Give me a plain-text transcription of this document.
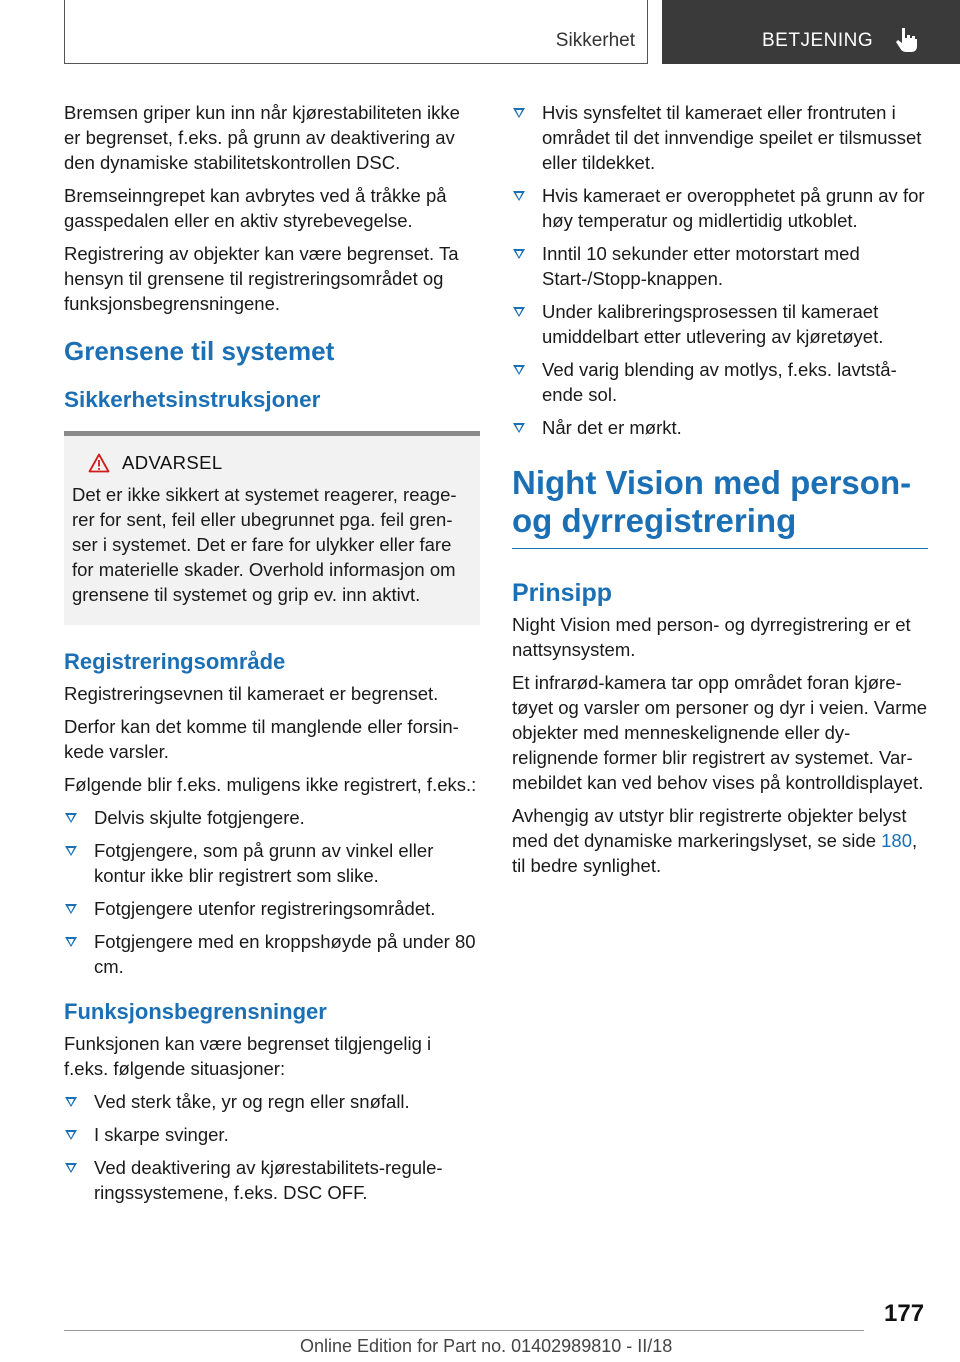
Sikkerhet	BETJENING

Bremsen griper kun inn når kjørestabiliteten ikke er begrenset, f.eks. på grunn av deaktivering av den dynamiske stabilitetskontrollen DSC.

Bremseinngrepet kan avbrytes ved å tråkke på gasspedalen eller en aktiv styrebevegelse.

Registrering av objekter kan være begrenset. Ta hensyn til grensene til registreringsområdet og funksjonsbegrensningene.

Grensene til systemet
Sikkerhetsinstruksjoner
ADVARSEL

Det er ikke sikkert at systemet reagerer, reagerer for sent, feil eller ubegrunnet pga. feil grenser i systemet. Det er fare for ulykker eller fare for materielle skader. Overhold informasjon om grensene til systemet og grip ev. inn aktivt.

Registreringsområde

Registreringsevnen til kameraet er begrenset.

Derfor kan det komme til manglende eller forsinkede varsler.

Følgende blir f.eks. muligens ikke registrert, f.eks.:

Delvis skjulte fotgjengere.
Fotgjengere, som på grunn av vinkel eller kontur ikke blir registrert som slike.
Fotgjengere utenfor registreringsområdet.
Fotgjengere med en kroppshøyde på under 80 cm.
Funksjonsbegrensninger

Funksjonen kan være begrenset tilgjengelig i f.eks. følgende situasjoner:

Ved sterk tåke, yr og regn eller snøfall.
I skarpe svinger.
Ved deaktivering av kjørestabilitets-reguleringssystemene, f.eks. DSC OFF.
Hvis synsfeltet til kameraet eller frontruten i området til det innvendige speilet er tilsmusset eller tildekket.
Hvis kameraet er overopphetet på grunn av for høy temperatur og midlertidig utkoblet.
Inntil 10 sekunder etter motorstart med Start-/Stopp-knappen.
Under kalibreringsprosessen til kameraet umiddelbart etter utlevering av kjøretøyet.
Ved varig blending av motlys, f.eks. lavtstående sol.
Når det er mørkt.
Night Vision med person- og dyrregistrering
Prinsipp

Night Vision med person- og dyrregistrering er et nattsynsystem.

Et infrarød-kamera tar opp området foran kjøretøyet og varsler om personer og dyr i veien. Varme objekter med menneskelignende eller dyrelignende former blir registrert av systemet. Varmebildet kan ved behov vises på kontrolldisplayet.

Avhengig av utstyr blir registrerte objekter belyst med det dynamiske markeringslyset, se side 180, til bedre synlighet.

177
Online Edition for Part no. 01402989810 - II/18
